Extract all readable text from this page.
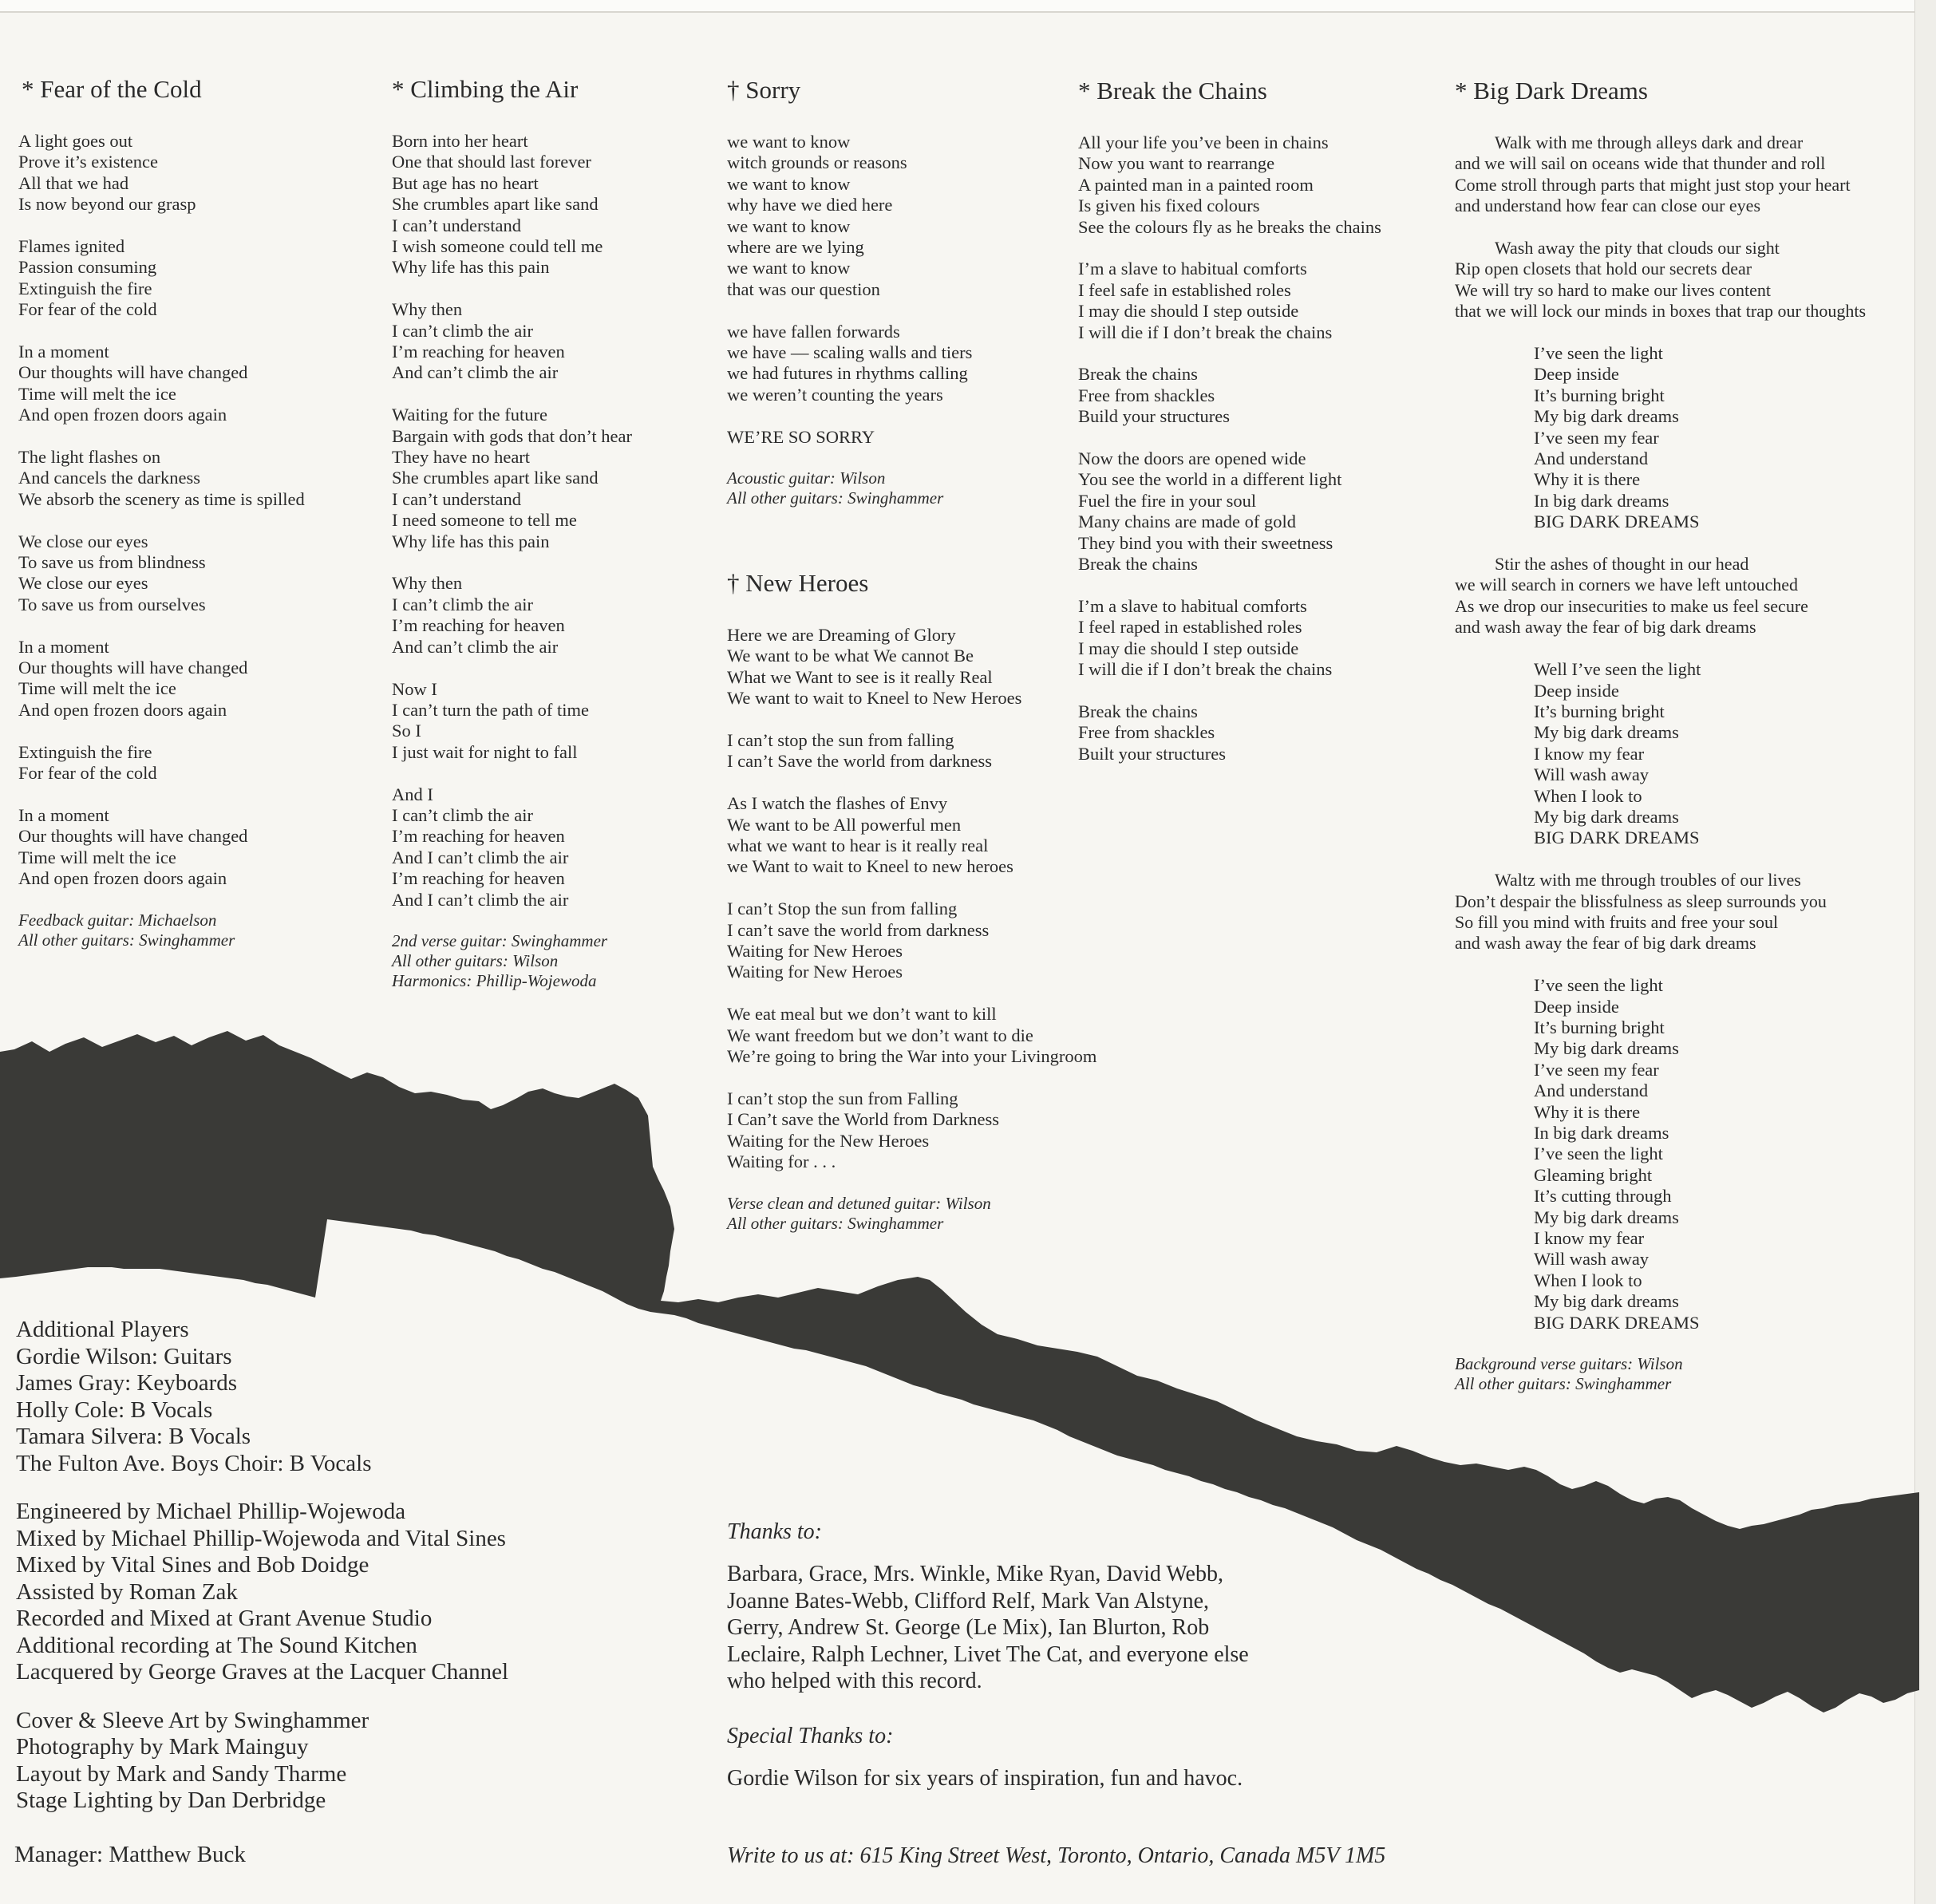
* Fear of the Cold
A light goes out
Prove it’s existence
All that we had
Is now beyond our grasp
Flames ignited
Passion consuming
Extinguish the fire
For fear of the cold
In a moment
Our thoughts will have changed
Time will melt the ice
And open frozen doors again
The light flashes on
And cancels the darkness
We absorb the scenery as time is spilled
We close our eyes
To save us from blindness
We close our eyes
To save us from ourselves
In a moment
Our thoughts will have changed
Time will melt the ice
And open frozen doors again
Extinguish the fire
For fear of the cold
In a moment
Our thoughts will have changed
Time will melt the ice
And open frozen doors again
Feedback guitar: Michaelson
All other guitars: Swinghammer
* Climbing the Air
Born into her heart
One that should last forever
But age has no heart
She crumbles apart like sand
I can’t understand
I wish someone could tell me
Why life has this pain
Why then
I can’t climb the air
I’m reaching for heaven
And can’t climb the air
Waiting for the future
Bargain with gods that don’t hear
They have no heart
She crumbles apart like sand
I can’t understand
I need someone to tell me
Why life has this pain
Why then
I can’t climb the air
I’m reaching for heaven
And can’t climb the air
Now I
I can’t turn the path of time
So I
I just wait for night to fall
And I
I can’t climb the air
I’m reaching for heaven
And I can’t climb the air
I’m reaching for heaven
And I can’t climb the air
2nd verse guitar: Swinghammer
All other guitars: Wilson
Harmonics: Phillip-Wojewoda
† Sorry
we want to know
witch grounds or reasons
we want to know
why have we died here
we want to know
where are we lying
we want to know
that was our question
we have fallen forwards
we have — scaling walls and tiers
we had futures in rhythms calling
we weren’t counting the years
WE’RE SO SORRY
Acoustic guitar: Wilson
All other guitars: Swinghammer
† New Heroes
Here we are Dreaming of Glory
We want to be what We cannot Be
What we Want to see is it really Real
We want to wait to Kneel to New Heroes
I can’t stop the sun from falling
I can’t Save the world from darkness
As I watch the flashes of Envy
We want to be All powerful men
what we want to hear is it really real
we Want to wait to Kneel to new heroes
I can’t Stop the sun from falling
I can’t save the world from darkness
Waiting for New Heroes
Waiting for New Heroes
We eat meal but we don’t want to kill
We want freedom but we don’t want to die
We’re going to bring the War into your Livingroom
I can’t stop the sun from Falling
I Can’t save the World from Darkness
Waiting for the New Heroes
Waiting for . . .
Verse clean and detuned guitar: Wilson
All other guitars: Swinghammer
* Break the Chains
All your life you’ve been in chains
Now you want to rearrange
A painted man in a painted room
Is given his fixed colours
See the colours fly as he breaks the chains
I’m a slave to habitual comforts
I feel safe in established roles
I may die should I step outside
I will die if I don’t break the chains
Break the chains
Free from shackles
Build your structures
Now the doors are opened wide
You see the world in a different light
Fuel the fire in your soul
Many chains are made of gold
They bind you with their sweetness
Break the chains
I’m a slave to habitual comforts
I feel raped in established roles
I may die should I step outside
I will die if I don’t break the chains
Break the chains
Free from shackles
Built your structures
* Big Dark Dreams
Walk with me through alleys dark and drear
and we will sail on oceans wide that thunder and roll
Come stroll through parts that might just stop your heart
and understand how fear can close our eyes
Wash away the pity that clouds our sight
Rip open closets that hold our secrets dear
We will try so hard to make our lives content
that we will lock our minds in boxes that trap our thoughts
I’ve seen the light
Deep inside
It’s burning bright
My big dark dreams
I’ve seen my fear
And understand
Why it is there
In big dark dreams
BIG DARK DREAMS
Stir the ashes of thought in our head
we will search in corners we have left untouched
As we drop our insecurities to make us feel secure
and wash away the fear of big dark dreams
Well I’ve seen the light
Deep inside
It’s burning bright
My big dark dreams
I know my fear
Will wash away
When I look to
My big dark dreams
BIG DARK DREAMS
Waltz with me through troubles of our lives
Don’t despair the blissfulness as sleep surrounds you
So fill you mind with fruits and free your soul
and wash away the fear of big dark dreams
I’ve seen the light
Deep inside
It’s burning bright
My big dark dreams
I’ve seen my fear
And understand
Why it is there
In big dark dreams
I’ve seen the light
Gleaming bright
It’s cutting through
My big dark dreams
I know my fear
Will wash away
When I look to
My big dark dreams
BIG DARK DREAMS
Background verse guitars: Wilson
All other guitars: Swinghammer
Additional Players
Gordie Wilson: Guitars
James Gray: Keyboards
Holly Cole: B Vocals
Tamara Silvera: B Vocals
The Fulton Ave. Boys Choir: B Vocals
Engineered by Michael Phillip-Wojewoda
Mixed by Michael Phillip-Wojewoda and Vital Sines
Mixed by Vital Sines and Bob Doidge
Assisted by Roman Zak
Recorded and Mixed at Grant Avenue Studio
Additional recording at The Sound Kitchen
Lacquered by George Graves at the Lacquer Channel
Cover & Sleeve Art by Swinghammer
Photography by Mark Mainguy
Layout by Mark and Sandy Tharme
Stage Lighting by Dan Derbridge
Manager: Matthew Buck
Thanks to:
Barbara, Grace, Mrs. Winkle, Mike Ryan, David Webb,
Joanne Bates-Webb, Clifford Relf, Mark Van Alstyne,
Gerry, Andrew St. George (Le Mix), Ian Blurton, Rob
Leclaire, Ralph Lechner, Livet The Cat, and everyone else
who helped with this record.
Special Thanks to:
Gordie Wilson for six years of inspiration, fun and havoc.
Write to us at: 615 King Street West, Toronto, Ontario, Canada M5V 1M5
